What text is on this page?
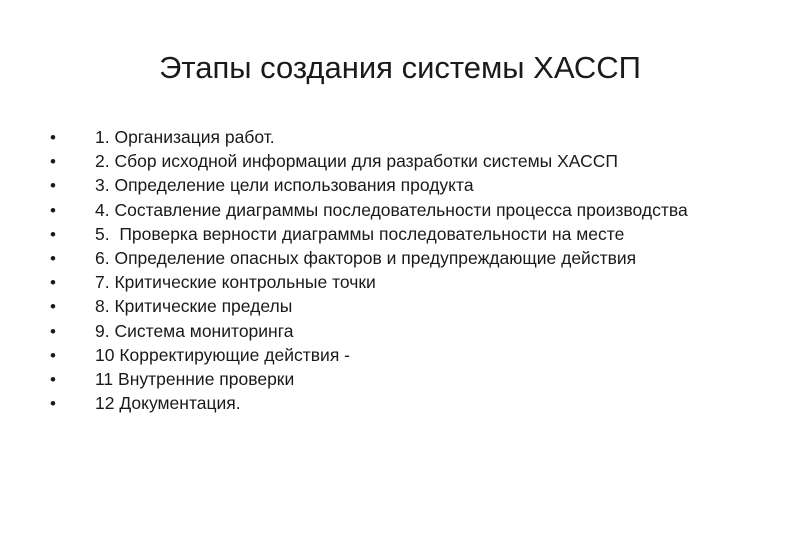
Этапы создания системы ХАССП
•	1. Организация работ.
•	2. Сбор исходной информации для разработки системы ХАССП
•	3. Определение цели использования продукта
•	4. Составление диаграммы последовательности процесса производства
•	5.  Проверка верности диаграммы последовательности на месте
•	6. Определение опасных факторов и предупреждающие действия
•	7. Критические контрольные точки
•	8. Критические пределы
•	9. Система мониторинга
•	10 Корректирующие действия -
•	11 Внутренние проверки
•	12 Документация.
